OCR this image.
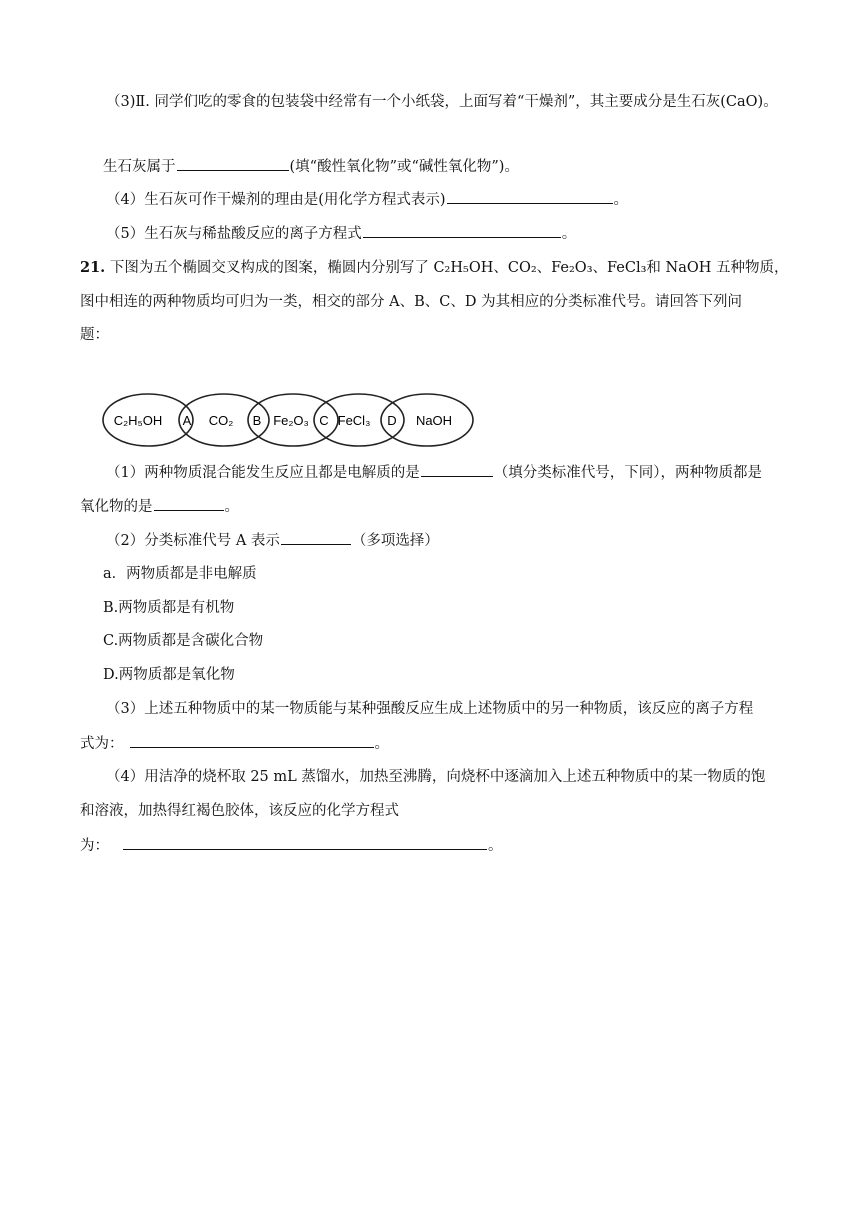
（3)Ⅱ. 同学们吃的零食的包装袋中经常有一个小纸袋，上面写着“干燥剂”，其主要成分是生石灰(CaO)。
生石灰属于	(填“酸性氧化物”或“碱性氧化物”)。
（4）生石灰可作干燥剂的理由是(用化学方程式表示)	。
（5）生石灰与稀盐酸反应的离子方程式	。
21. 下图为五个椭圆交叉构成的图案，椭圆内分别写了 C₂H₅OH、CO₂、Fe₂O₃、FeCl₃和 NaOH 五种物质，
图中相连的两种物质均可归为一类，相交的部分 A、B、C、D 为其相应的分类标准代号。请回答下列问
题：
C₂H₅OH	CO₂	Fe₂O₃ FeCl₃	NaOH
A	B	C	D
（1）两种物质混合能发生反应且都是电解质的是	（填分类标准代号，下同），两种物质都是
氧化物的是	。
（2）分类标准代号 A 表示	（多项选择）
a．两物质都是非电解质
B.两物质都是有机物
C.两物质都是含碳化合物
D.两物质都是氧化物
（3）上述五种物质中的某一物质能与某种强酸反应生成上述物质中的另一种物质，该反应的离子方程
式为：	。
（4）用洁净的烧杯取 25 mL 蒸馏水，加热至沸腾，向烧杯中逐滴加入上述五种物质中的某一物质的饱
和溶液，加热得红褐色胶体，该反应的化学方程式
为：	。
